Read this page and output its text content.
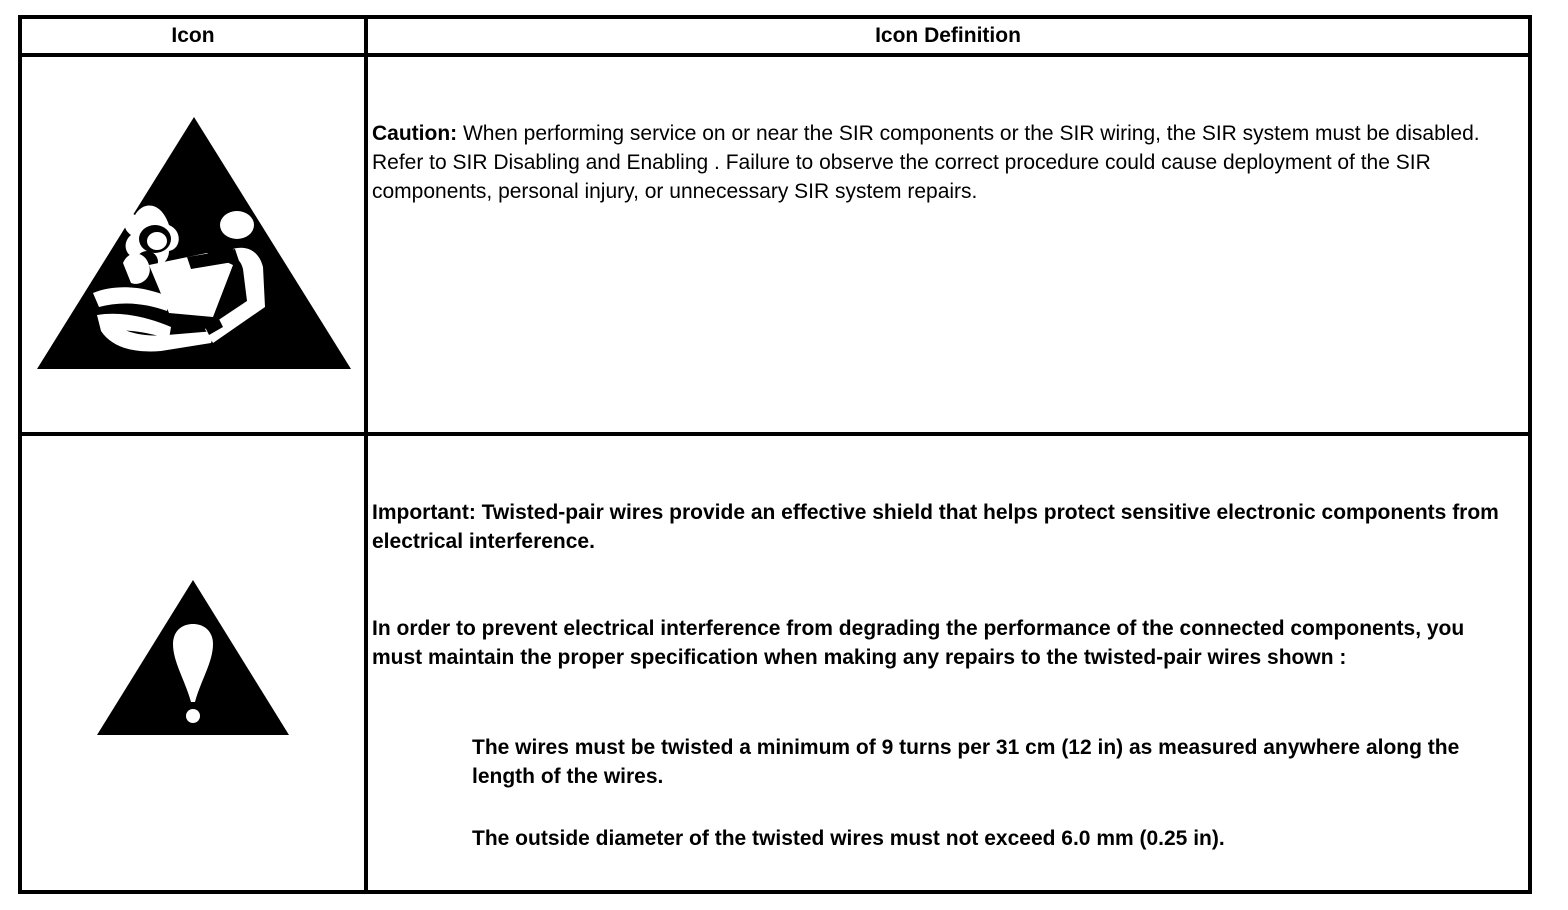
Icon	Icon Definition

Caution: When performing service on or near the SIR components or the SIR wiring, the SIR system must be disabled. Refer to SIR Disabling and Enabling . Failure to observe the correct procedure could cause deployment of the SIR components, personal injury, or unnecessary SIR system repairs.

Important: Twisted-pair wires provide an effective shield that helps protect sensitive electronic components from electrical interference.
In order to prevent electrical interference from degrading the performance of the connected components, you must maintain the proper specification when making any repairs to the twisted-pair wires shown :
The wires must be twisted a minimum of 9 turns per 31 cm (12 in) as measured anywhere along the length of the wires.
The outside diameter of the twisted wires must not exceed 6.0 mm (0.25 in).
